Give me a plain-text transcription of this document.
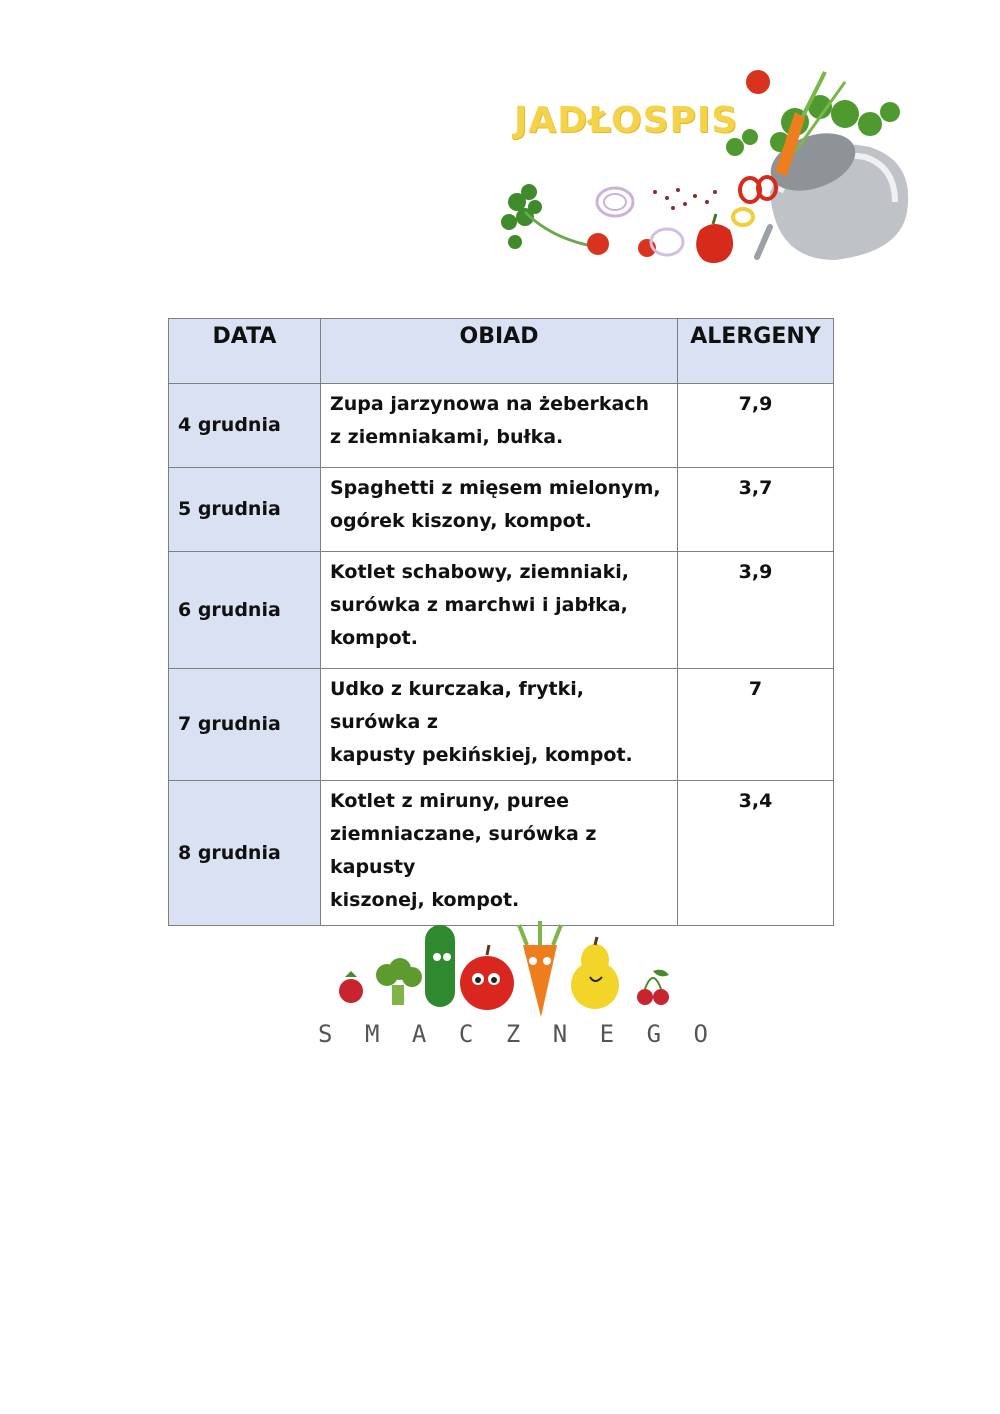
JADŁOSPIS
DATA	OBIAD	ALERGENY
4 grudnia	Zupa jarzynowa na żeberkach
z ziemniakami, bułka.	7,9
5 grudnia	Spaghetti z mięsem mielonym,
ogórek kiszony, kompot.	3,7
6 grudnia	Kotlet schabowy, ziemniaki,
surówka z marchwi i jabłka,
kompot.	3,9
7 grudnia	Udko z kurczaka, frytki, surówka z
kapusty pekińskiej, kompot.	7
8 grudnia	Kotlet z miruny, puree
ziemniaczane, surówka z kapusty
kiszonej, kompot.	3,4
S M A C Z N E G O
